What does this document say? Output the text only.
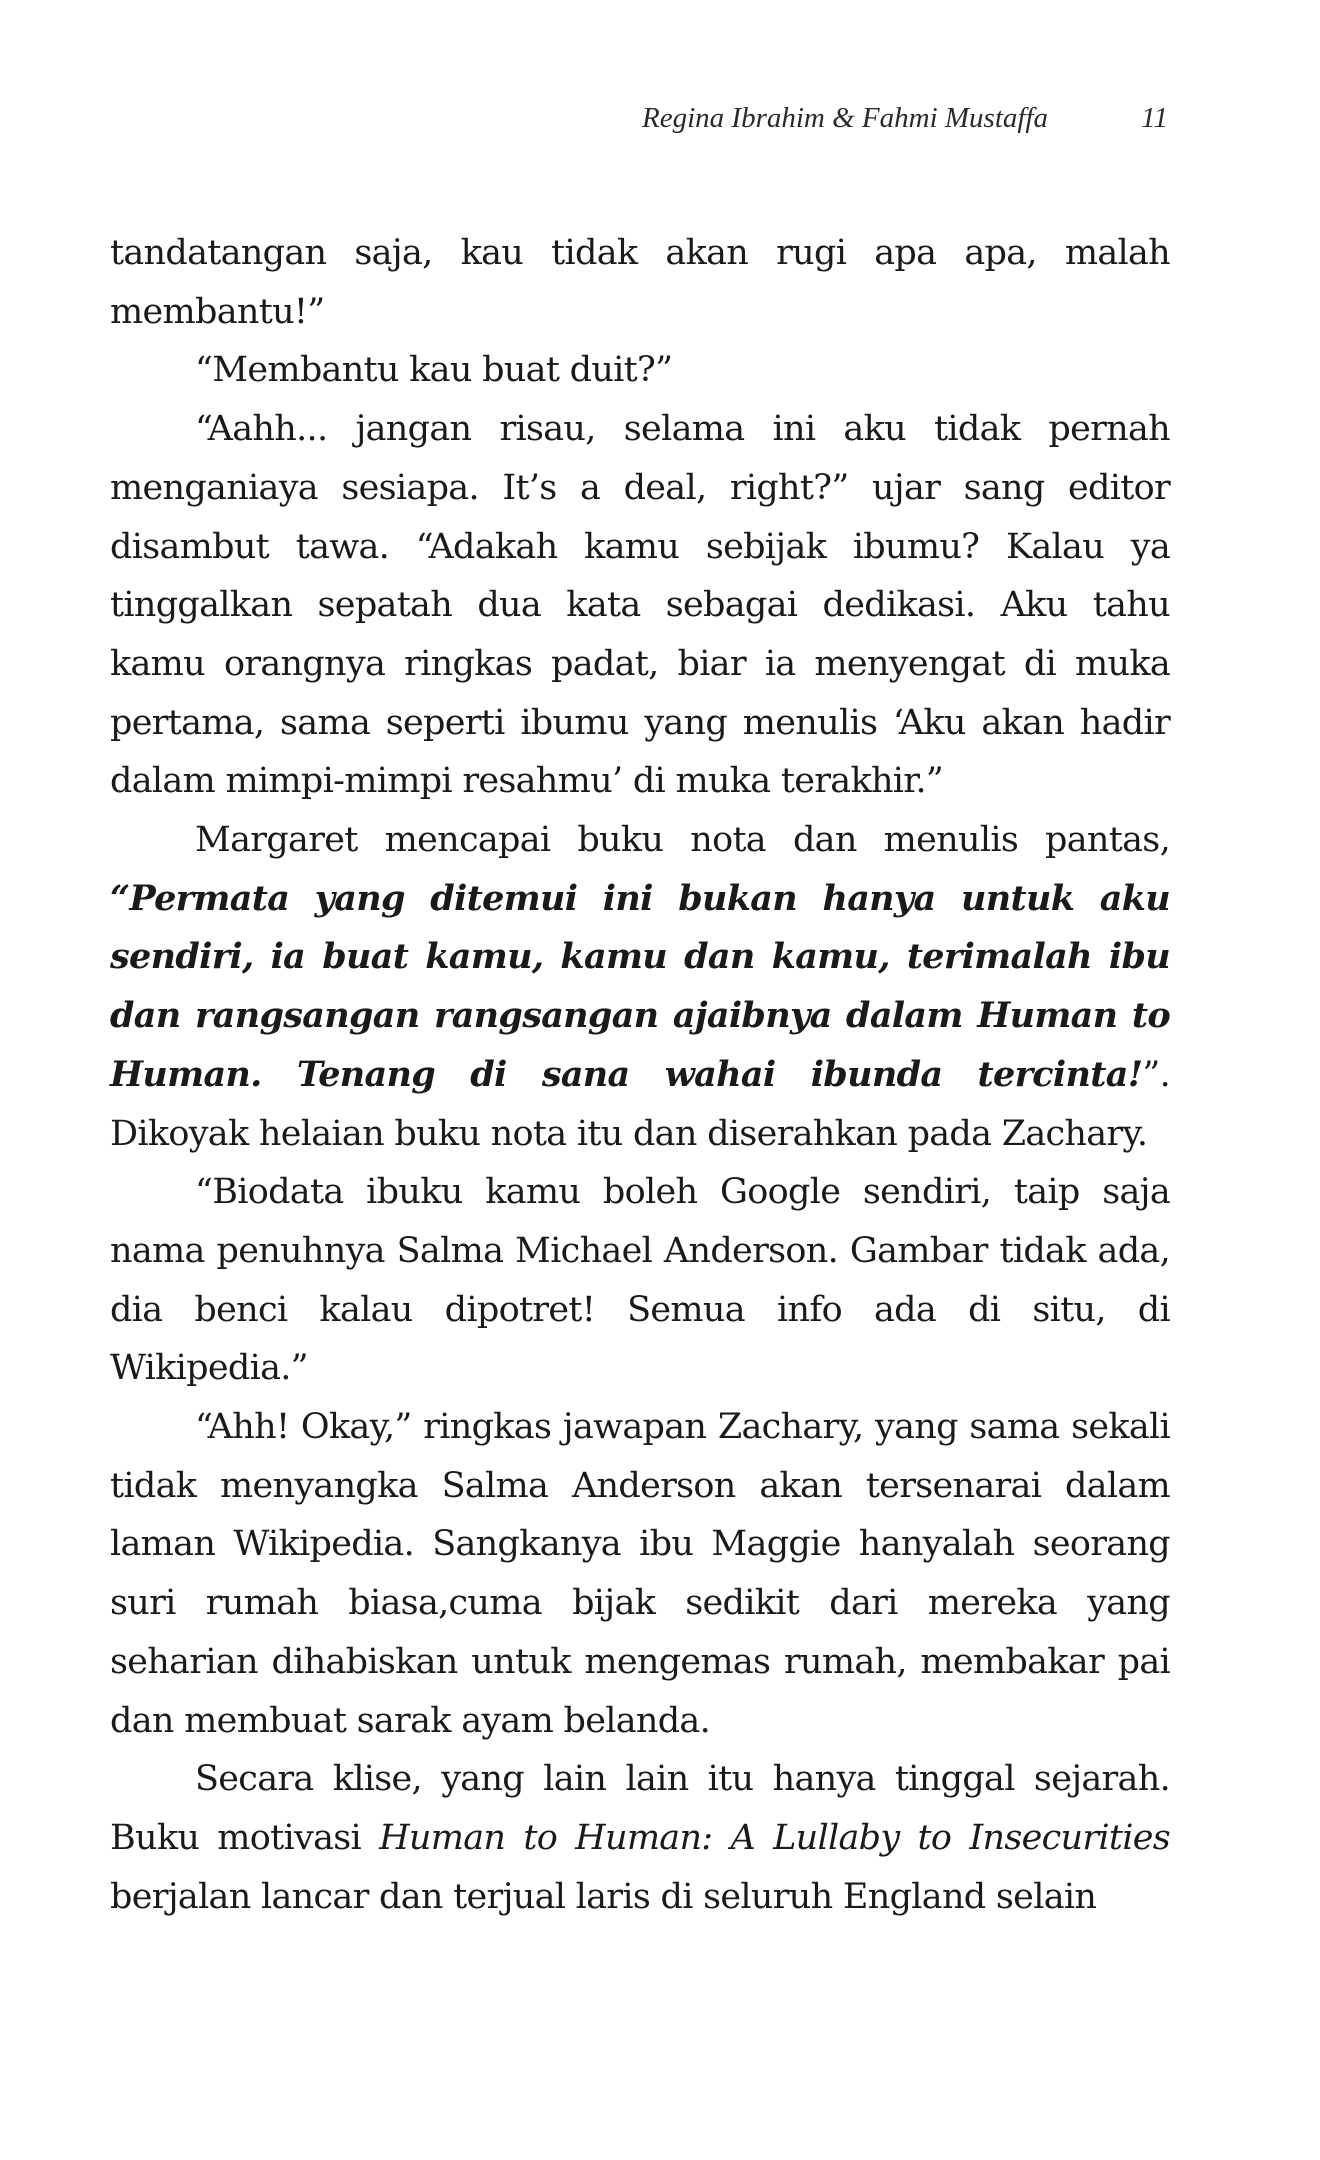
Regina Ibrahim & Fahmi Mustaffa	11

tandatangan saja, kau tidak akan rugi apa apa, malah membantu!”

“Membantu kau buat duit?”

“Aahh... jangan risau, selama ini aku tidak pernah menganiaya sesiapa. It’s a deal, right?” ujar sang editor disambut tawa. “Adakah kamu sebijak ibumu? Kalau ya tinggalkan sepatah dua kata sebagai dedikasi. Aku tahu kamu orangnya ringkas padat, biar ia menyengat di muka pertama, sama seperti ibumu yang menulis ‘Aku akan hadir dalam mimpi-mimpi resahmu’ di muka terakhir.”

Margaret mencapai buku nota dan menulis pantas, “Permata yang ditemui ini bukan hanya untuk aku sendiri, ia buat kamu, kamu dan kamu, terimalah ibu dan rangsangan rangsangan ajaibnya dalam Human to Human. Tenang di sana wahai ibunda tercinta!”. Dikoyak helaian buku nota itu dan diserahkan pada Zachary.

“Biodata ibuku kamu boleh Google sendiri, taip saja nama penuhnya Salma Michael Anderson. Gambar tidak ada, dia benci kalau dipotret! Semua info ada di situ, di Wikipedia.”

“Ahh! Okay,” ringkas jawapan Zachary, yang sama sekali tidak menyangka Salma Anderson akan tersenarai dalam laman Wikipedia. Sangkanya ibu Maggie hanyalah seorang suri rumah biasa,cuma bijak sedikit dari mereka yang seharian dihabiskan untuk mengemas rumah, membakar pai dan membuat sarak ayam belanda.

Secara klise, yang lain lain itu hanya tinggal sejarah. Buku motivasi Human to Human: A Lullaby to Insecurities berjalan lancar dan terjual laris di seluruh England selain
